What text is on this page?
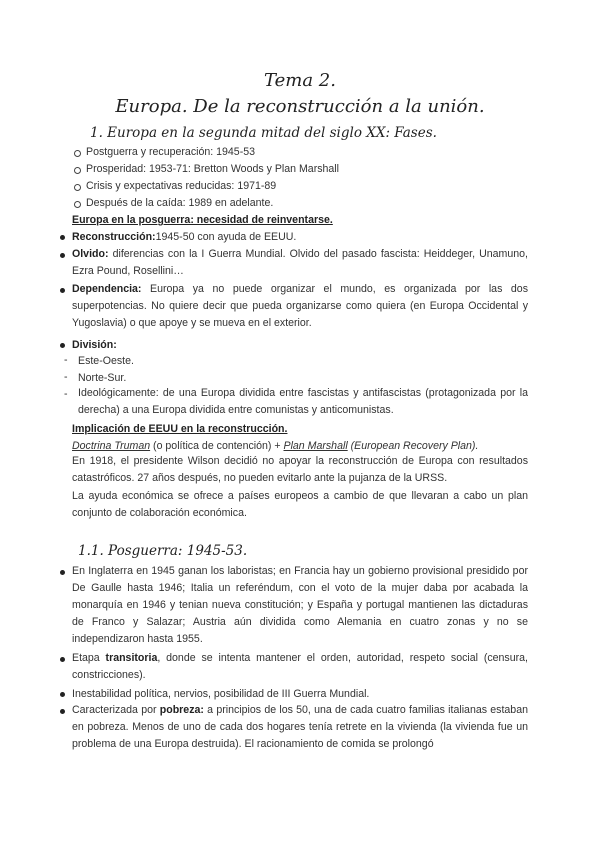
Tema 2.
Europa. De la reconstrucción a la unión.
1. Europa en la segunda mitad del siglo XX: Fases.
Postguerra y recuperación: 1945-53
Prosperidad: 1953-71: Bretton Woods y Plan Marshall
Crisis y expectativas reducidas: 1971-89
Después de la caída: 1989 en adelante.
Europa en la posguerra: necesidad de reinventarse.
Reconstrucción:1945-50 con ayuda de EEUU.
Olvido: diferencias con la I Guerra Mundial. Olvido del pasado fascista: Heiddeger, Unamuno, Ezra Pound, Rosellini…
Dependencia: Europa ya no puede organizar el mundo, es organizada por las dos superpotencias. No quiere decir que pueda organizarse como quiera (en Europa Occidental y Yugoslavia) o que apoye y se mueva en el exterior.
División:
- Este-Oeste.
- Norte-Sur.
- Ideológicamente: de una Europa dividida entre fascistas y antifascistas (protagonizada por la derecha) a una Europa dividida entre comunistas y anticomunistas.
Implicación de EEUU en la reconstrucción.
Doctrina Truman (o política de contención) + Plan Marshall (European Recovery Plan).
En 1918, el presidente Wilson decidió no apoyar la reconstrucción de Europa con resultados catastróficos. 27 años después, no pueden evitarlo ante la pujanza de la URSS.
La ayuda económica se ofrece a países europeos a cambio de que llevaran a cabo un plan conjunto de colaboración económica.
1.1. Posguerra: 1945-53.
En Inglaterra en 1945 ganan los laboristas; en Francia hay un gobierno provisional presidido por De Gaulle hasta 1946; Italia un referéndum, con el voto de la mujer daba por acabada la monarquía en 1946 y tenian nueva constitución; y España y portugal mantienen las dictaduras de Franco y Salazar; Austria aún dividida como Alemania en cuatro zonas y no se independizaron hasta 1955.
Etapa transitoria, donde se intenta mantener el orden, autoridad, respeto social (censura, constricciones).
Inestabilidad política, nervios, posibilidad de III Guerra Mundial.
Caracterizada por pobreza: a principios de los 50, una de cada cuatro familias italianas estaban en pobreza. Menos de uno de cada dos hogares tenía retrete en la vivienda (la vivienda fue un problema de una Europa destruida). El racionamiento de comida se prolongó
